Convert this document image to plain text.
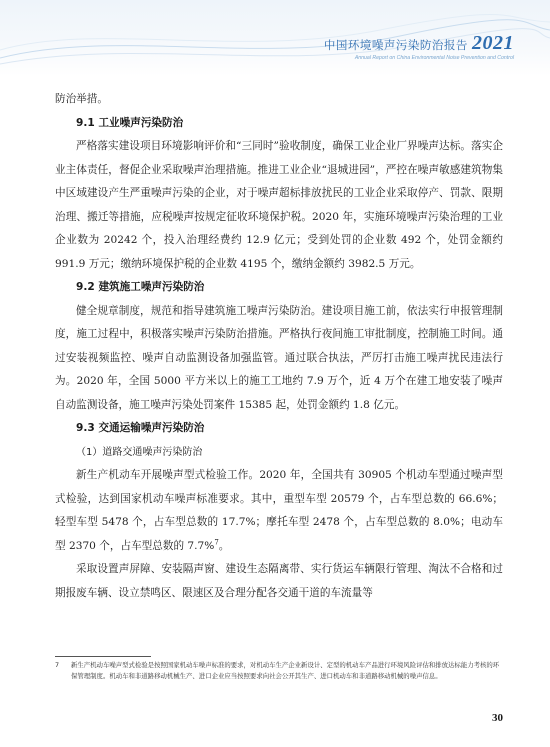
中国环境噪声污染防治报告 2021
Annual Report on China Environmental Noise Prevention and Control

防治举措。

9.1 工业噪声污染防治

严格落实建设项目环境影响评价和“三同时”验收制度，确保工业企业厂界噪声达标。落实企业主体责任，督促企业采取噪声治理措施。推进工业企业“退城进园”，严控在噪声敏感建筑物集中区域建设产生严重噪声污染的企业，对于噪声超标排放扰民的工业企业采取停产、罚款、限期治理、搬迁等措施，应税噪声按规定征收环境保护税。2020 年，实施环境噪声污染治理的工业企业数为 20242 个，投入治理经费约 12.9 亿元；受到处罚的企业数 492 个，处罚金额约 991.9 万元；缴纳环境保护税的企业数 4195 个，缴纳金额约 3982.5 万元。

9.2 建筑施工噪声污染防治

健全规章制度，规范和指导建筑施工噪声污染防治。建设项目施工前，依法实行申报管理制度，施工过程中，积极落实噪声污染防治措施。严格执行夜间施工审批制度，控制施工时间。通过安装视频监控、噪声自动监测设备加强监管。通过联合执法，严厉打击施工噪声扰民违法行为。2020 年，全国 5000 平方米以上的施工工地约 7.9 万个，近 4 万个在建工地安装了噪声自动监测设备，施工噪声污染处罚案件 15385 起，处罚金额约 1.8 亿元。

9.3 交通运输噪声污染防治

（1）道路交通噪声污染防治

新生产机动车开展噪声型式检验工作。2020 年，全国共有 30905 个机动车型通过噪声型式检验，达到国家机动车噪声标准要求。其中，重型车型 20579 个，占车型总数的 66.6%；轻型车型 5478 个，占车型总数的 17.7%；摩托车型 2478 个，占车型总数的 8.0%；电动车型 2370 个，占车型总数的 7.7%$^7$。

采取设置声屏障、安装隔声窗、建设生态隔离带、实行货运车辆限行管理、淘汰不合格和过期报废车辆、设立禁鸣区、限速区及合理分配各交通干道的车流量等

7	新生产机动车噪声型式检验是按照国家机动车噪声标准的要求，对机动车生产企业新设计、定型的机动车产品进行环境风险评估和排放达标能力考核的环保管理制度。机动车和非道路移动机械生产、进口企业应当按照要求向社会公开其生产、进口机动车和非道路移动机械的噪声信息。
30
